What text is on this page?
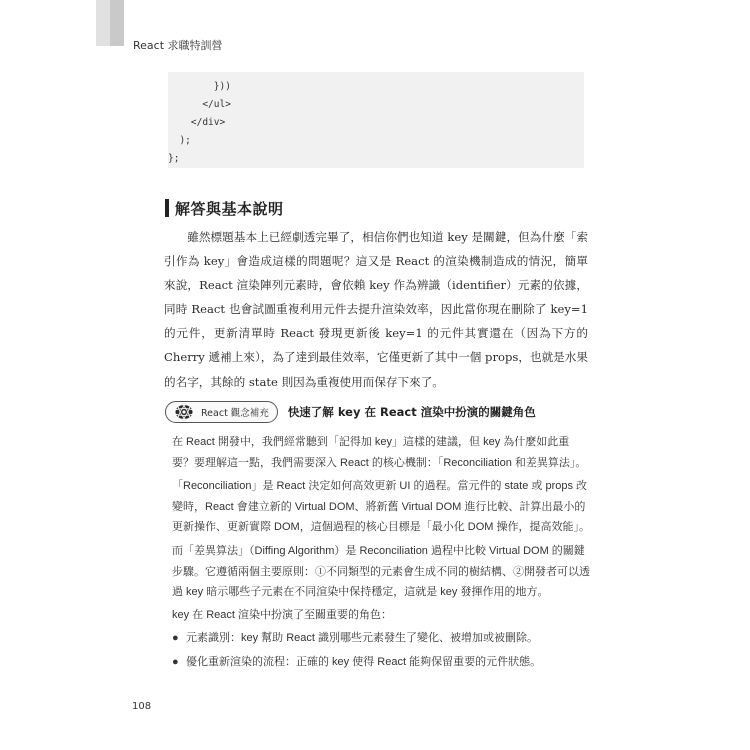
React 求職特訓營
}))
</ul>
</div>
);
};
解答與基本說明

雖然標題基本上已經劇透完畢了，相信你們也知道 key 是關鍵，但為什麼「索引作為 key」會造成這樣的問題呢？這又是 React 的渲染機制造成的情況，簡單來說，React 渲染陣列元素時，會依賴 key 作為辨識（identifier）元素的依據，同時 React 也會試圖重複利用元件去提升渲染效率，因此當你現在刪除了 key=1 的元件，更新清單時 React 發現更新後 key=1 的元件其實還在（因為下方的 Cherry 遞補上來），為了達到最佳效率，它僅更新了其中一個 props，也就是水果的名字，其餘的 state 則因為重複使用而保存下來了。

React 觀念補充 快速了解 key 在 React 渲染中扮演的關鍵角色

在 React 開發中，我們經常聽到「記得加 key」這樣的建議，但 key 為什麼如此重要？要理解這一點，我們需要深入 React 的核心機制：「Reconciliation 和差異算法」。

「Reconciliation」是 React 決定如何高效更新 UI 的過程。當元件的 state 或 props 改變時，React 會建立新的 Virtual DOM、將新舊 Virtual DOM 進行比較、計算出最小的更新操作、更新實際 DOM，這個過程的核心目標是「最小化 DOM 操作，提高效能」。

而「差異算法」（Diffing Algorithm）是 Reconciliation 過程中比較 Virtual DOM 的關鍵步驟。它遵循兩個主要原則：①不同類型的元素會生成不同的樹結構、②開發者可以透過 key 暗示哪些子元素在不同渲染中保持穩定，這就是 key 發揮作用的地方。

key 在 React 渲染中扮演了至關重要的角色：

● 元素識別：key 幫助 React 識別哪些元素發生了變化、被增加或被刪除。
● 優化重新渲染的流程：正確的 key 使得 React 能夠保留重要的元件狀態。
108
